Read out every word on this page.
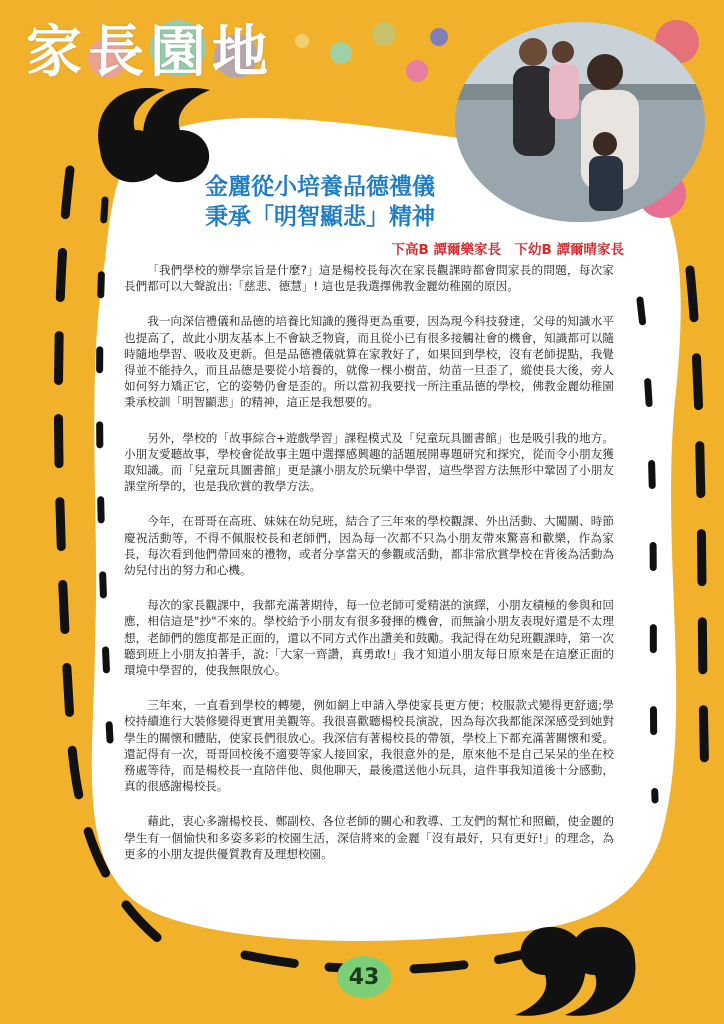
家長園地
金麗從小培養品德禮儀
秉承「明智顯悲」精神

下高B 譚爾樂家長　下幼B 譚爾晴家長

「我們學校的辦學宗旨是什麼?」這是楊校長每次在家長觀課時都會問家長的問題，每次家長們都可以大聲說出:「慈悲、德慧」! 這也是我選擇佛教金麗幼稚園的原因。

我一向深信禮儀和品德的培養比知識的獲得更為重要，因為現今科技發達，父母的知識水平也提高了，故此小朋友基本上不會缺乏物資，而且從小已有很多接觸社會的機會，知識都可以隨時隨地學習、吸收及更新。但是品德禮儀就算在家教好了，如果回到學校，沒有老師提點，我覺得並不能持久，而且品德是要從小培養的，就像一棵小樹苗，幼苗一旦歪了，縱使長大後，旁人如何努力矯正它，它的姿勢仍會是歪的。所以當初我要找一所注重品德的學校，佛教金麗幼稚園秉承校訓「明智顯悲」的精神，這正是我想要的。

另外，學校的「故事綜合+遊戲學習」課程模式及「兒童玩具圖書館」也是吸引我的地方。小朋友愛聽故事，學校會從故事主題中選擇感興趣的話題展開專題研究和探究，從而令小朋友獲取知識。而「兒童玩具圖書館」更是讓小朋友於玩樂中學習，這些學習方法無形中鞏固了小朋友課堂所學的，也是我欣賞的教學方法。

今年，在哥哥在高班、妹妹在幼兒班，結合了三年來的學校觀課、外出活動、大闖關、時節慶祝活動等，不得不佩服校長和老師們，因為每一次都不只為小朋友帶來驚喜和歡樂，作為家長，每次看到他們帶回來的禮物，或者分享當天的參觀或活動，都非常欣賞學校在背後為活動為幼兒付出的努力和心機。

每次的家長觀課中，我都充滿著期待，每一位老師可愛精湛的演繹，小朋友積極的參與和回應，相信這是"抄"不來的。學校給予小朋友有很多發揮的機會，而無論小朋友表現好還是不太理想，老師們的態度都是正面的，還以不同方式作出讚美和鼓勵。我記得在幼兒班觀課時，第一次聽到班上小朋友拍著手，說:「大家一齊讚，真勇敢!」我才知道小朋友每日原來是在這麼正面的環境中學習的，使我無限放心。

三年來，一直看到學校的轉變，例如網上申請入學使家長更方便；校服款式變得更舒適;學校持續進行大裝修變得更實用美觀等。我很喜歡聽楊校長演說，因為每次我都能深深感受到她對學生的關懷和體貼，使家長們很放心。我深信有著楊校長的帶領，學校上下都充滿著關懷和愛。還記得有一次，哥哥回校後不適要等家人接回家，我很意外的是，原來他不是自己呆呆的坐在校務處等待，而是楊校長一直陪伴他、與他聊天，最後還送他小玩具，這件事我知道後十分感動，真的很感謝楊校長。

藉此，衷心多謝楊校長、鄭副校、各位老師的關心和教導、工友們的幫忙和照顧，使金麗的學生有一個愉快和多姿多彩的校園生活，深信將來的金麗「沒有最好，只有更好!」的理念，為更多的小朋友提供優質教育及理想校園。

43
